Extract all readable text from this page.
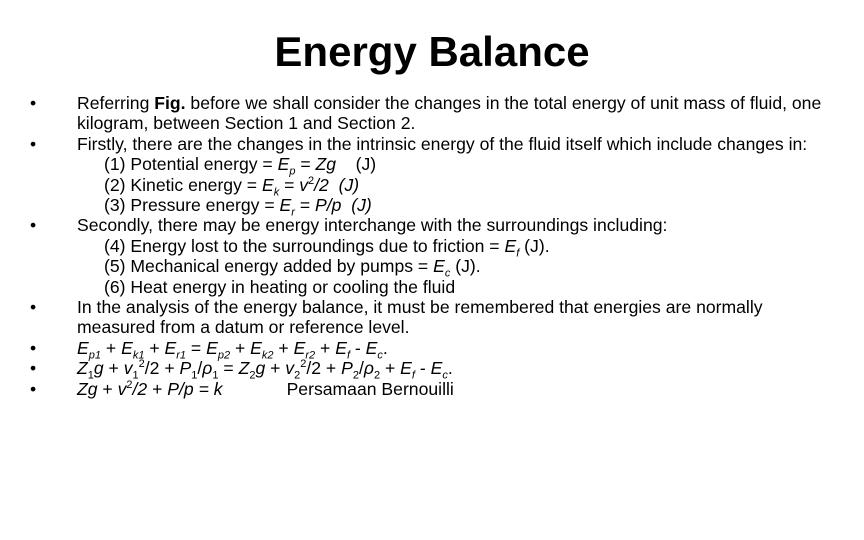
Energy Balance
•	Referring Fig. before we shall consider the changes in the total energy of unit mass of fluid, one kilogram, between Section 1 and Section 2.
•	Firstly, there are the changes in the intrinsic energy of the fluid itself which include changes in:
(1) Potential energy = $E_p = Zg$    (J)
(2) Kinetic energy = $E_k = v^2/2$  (J)
(3) Pressure energy = $E_r = P/p$  (J)
•	Secondly, there may be energy interchange with the surroundings including:
(4) Energy lost to the surroundings due to friction = $E_f$ (J).
(5) Mechanical energy added by pumps = $E_c$ (J).
(6) Heat energy in heating or cooling the fluid
•	In the analysis of the energy balance, it must be remembered that energies are normally measured from a datum or reference level.
•	$E_{p1} + E_{k1} + E_{r1} = E_{p2} + E_{k2} + E_{r2} + E_f - E_c$.
•	$Z_1g + v_1^2/2 + P_1/\rho_1 = Z_2g + v_2^2/2 + P_2/\rho_2 + E_f - E_c$.
•	$Zg + v^2/2 + P/p = k$	Persamaan Bernouilli
